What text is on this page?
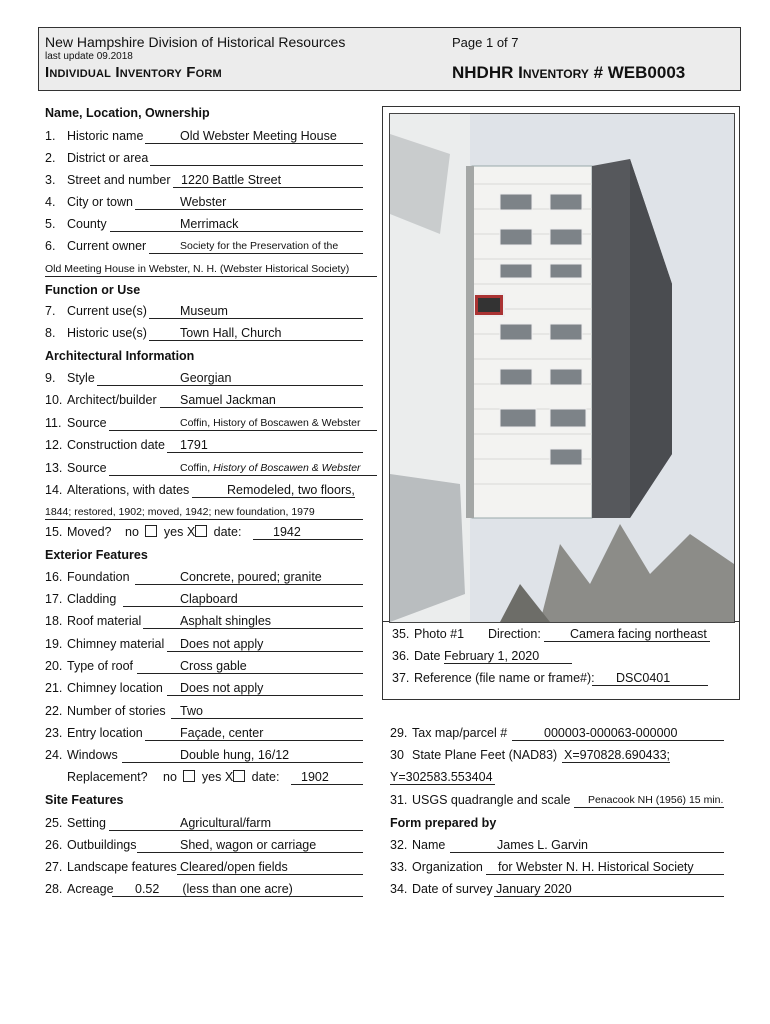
New Hampshire Division of Historical Resources
last update 09.2018
Individual Inventory Form
Page 1 of 7
NHDHR Inventory # WEB0003
Name, Location, Ownership
1. Historic name	Old Webster Meeting House
2. District or area
3. Street and number 1220 Battle Street
4. City or town	Webster
5. County	Merrimack
6. Current owner	Society for the Preservation of the
Old Meeting House in Webster, N. H. (Webster Historical Society)
Function or Use
7. Current use(s)	Museum
8. Historic use(s)	Town Hall, Church
Architectural Information
9. Style	Georgian
10. Architect/builder	Samuel Jackman
11. Source	Coffin, History of Boscawen & Webster
12. Construction date	1791
13. Source	Coffin, History of Boscawen & Webster
14. Alterations, with dates	Remodeled, two floors,
1844; restored, 1902; moved, 1942; new foundation, 1979
15. Moved? no yes X date:	1942
Exterior Features
16. Foundation	Concrete, poured; granite
17. Cladding	Clapboard
18. Roof material	Asphalt shingles
19. Chimney material	Does not apply
20. Type of roof	Cross gable
21. Chimney location	Does not apply
22. Number of stories	Two
23. Entry location	Façade, center
24. Windows	Double hung, 16/12
Replacement? no yes X date:	1902
Site Features
25. Setting	Agricultural/farm
26. Outbuildings	Shed, wagon or carriage
27. Landscape features Cleared/open fields
28. Acreage	0.52 (less than one acre)
35. Photo #1 Direction:	Camera facing northeast
36. Date February 1, 2020
37. Reference (file name or frame#):	DSC0401
29. Tax map/parcel #	000003-000063-000000
30 State Plane Feet (NAD83) X=970828.690433;
Y=302583.553404
31. USGS quadrangle and scale	Penacook NH (1956) 15 min.
Form prepared by
32. Name	James L. Garvin
33. Organization	for Webster N. H. Historical Society
34. Date of survey January 2020
